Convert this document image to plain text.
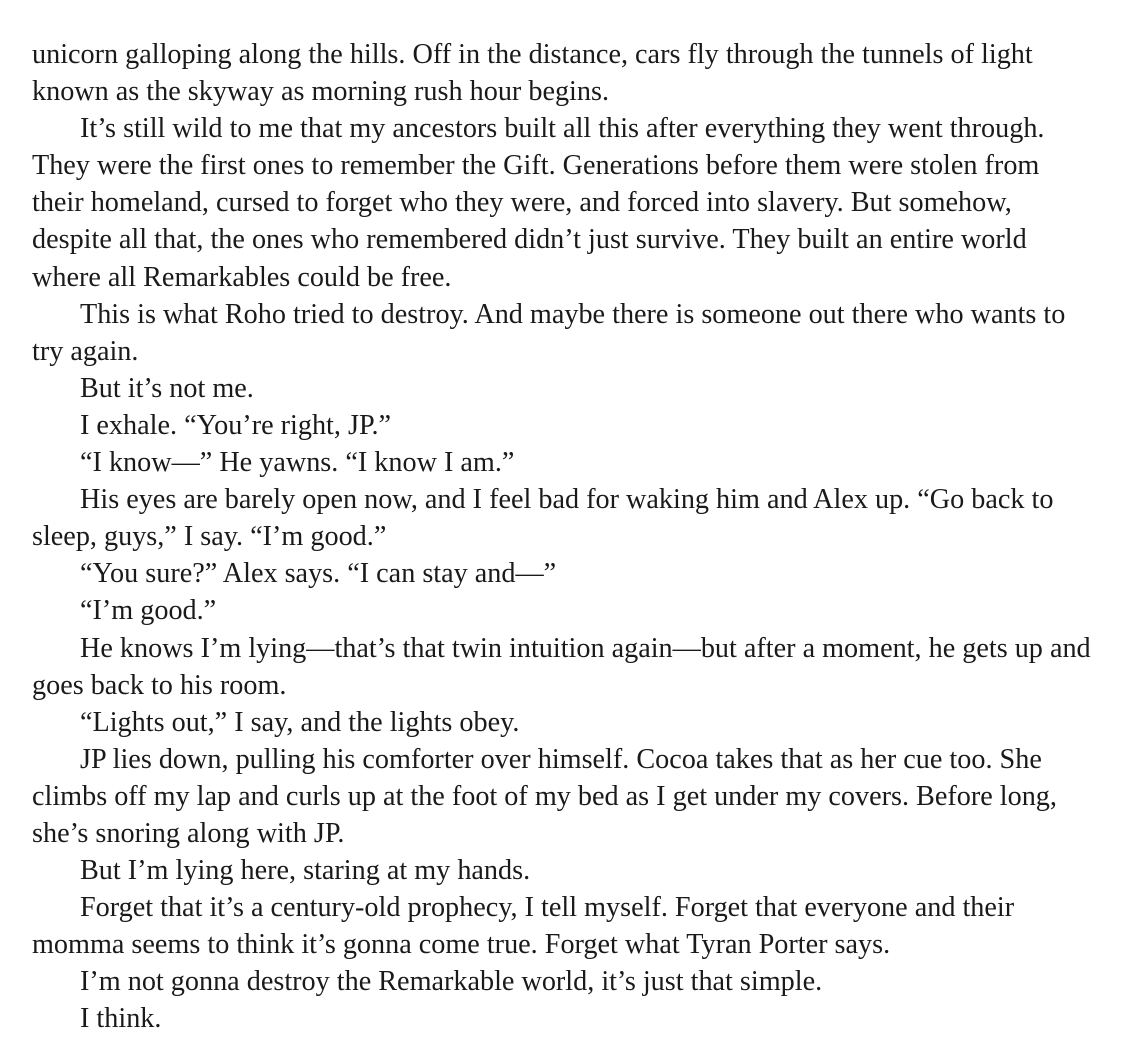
unicorn galloping along the hills. Off in the distance, cars fly through the tunnels of light known as the skyway as morning rush hour begins.

It’s still wild to me that my ancestors built all this after everything they went through. They were the first ones to remember the Gift. Generations before them were stolen from their homeland, cursed to forget who they were, and forced into slavery. But somehow, despite all that, the ones who remembered didn’t just survive. They built an entire world where all Remarkables could be free.

This is what Roho tried to destroy. And maybe there is someone out there who wants to try again.

But it’s not me.

I exhale. “You’re right, JP.”

“I know—” He yawns. “I know I am.”

His eyes are barely open now, and I feel bad for waking him and Alex up. “Go back to sleep, guys,” I say. “I’m good.”

“You sure?” Alex says. “I can stay and—”

“I’m good.”

He knows I’m lying—that’s that twin intuition again—but after a moment, he gets up and goes back to his room.

“Lights out,” I say, and the lights obey.

JP lies down, pulling his comforter over himself. Cocoa takes that as her cue too. She climbs off my lap and curls up at the foot of my bed as I get under my covers. Before long, she’s snoring along with JP.

But I’m lying here, staring at my hands.

Forget that it’s a century-old prophecy, I tell myself. Forget that everyone and their momma seems to think it’s gonna come true. Forget what Tyran Porter says.

I’m not gonna destroy the Remarkable world, it’s just that simple.

I think.
